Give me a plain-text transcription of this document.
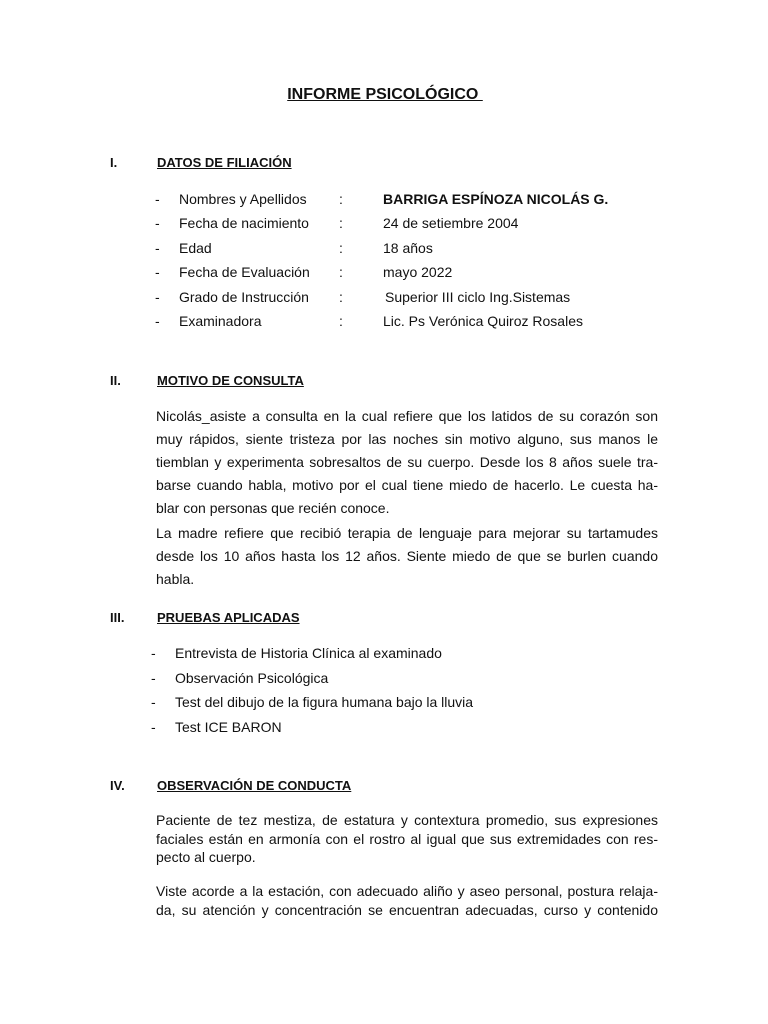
INFORME PSICOLÓGICO
I.	DATOS DE FILIACIÓN
- Nombres y Apellidos :	BARRIGA ESPÍNOZA NICOLÁS G.
- Fecha de nacimiento :	24 de setiembre 2004
- Edad	:	18 años
- Fecha de Evaluación :	mayo 2022
- Grado de Instrucción :	Superior III ciclo Ing.Sistemas
- Examinadora	:	Lic. Ps Verónica Quiroz Rosales
II.	MOTIVO DE CONSULTA
Nicolás_asiste a consulta en la cual refiere que los latidos de su corazón son
muy rápidos, siente tristeza por las noches sin motivo alguno, sus manos le
tiemblan y experimenta sobresaltos de su cuerpo. Desde los 8 años suele tra-
barse cuando habla, motivo por el cual tiene miedo de hacerlo. Le cuesta ha-
blar con personas que recién conoce.
La madre refiere que recibió terapia de lenguaje para mejorar su tartamudes
desde los 10 años hasta los 12 años. Siente miedo de que se burlen cuando
habla.
III.	PRUEBAS APLICADAS
- Entrevista de Historia Clínica al examinado
- Observación Psicológica
- Test del dibujo de la figura humana bajo la lluvia
- Test ICE BARON
IV. OBSERVACIÓN DE CONDUCTA
Paciente de tez mestiza, de estatura y contextura promedio, sus expresiones
faciales están en armonía con el rostro al igual que sus extremidades con res-
pecto al cuerpo.
Viste acorde a la estación, con adecuado aliño y aseo personal, postura relaja-
da, su atención y concentración se encuentran adecuadas, curso y contenido
